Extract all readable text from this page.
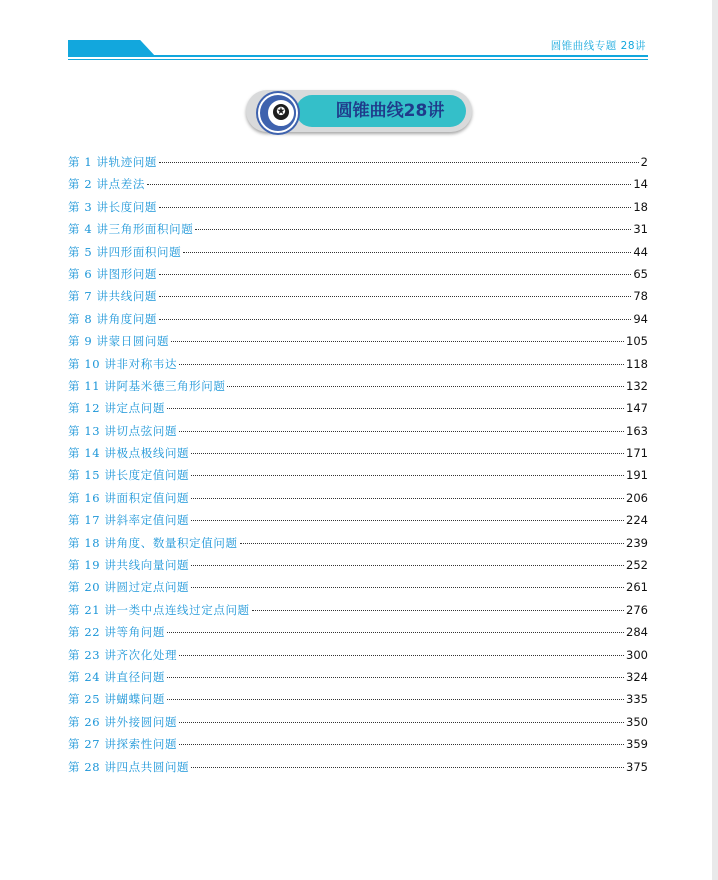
圆锥曲线专题 28讲
✪	圆锥曲线28讲
第 1 讲轨迹问题	2
第 2 讲点差法	14
第 3 讲长度问题	18
第 4 讲三角形面积问题	31
第 5 讲四形面积问题	44
第 6 讲图形问题	65
第 7 讲共线问题	78
第 8 讲角度问题	94
第 9 讲蒙日圆问题	105
第 10 讲非对称韦达	118
第 11 讲阿基米德三角形问题	132
第 12 讲定点问题	147
第 13 讲切点弦问题	163
第 14 讲极点极线问题	171
第 15 讲长度定值问题	191
第 16 讲面积定值问题	206
第 17 讲斜率定值问题	224
第 18 讲角度、数量积定值问题	239
第 19 讲共线向量问题	252
第 20 讲圆过定点问题	261
第 21 讲一类中点连线过定点问题	276
第 22 讲等角问题	284
第 23 讲齐次化处理	300
第 24 讲直径问题	324
第 25 讲蝴蝶问题	335
第 26 讲外接圆问题	350
第 27 讲探索性问题	359
第 28 讲四点共圆问题	375
